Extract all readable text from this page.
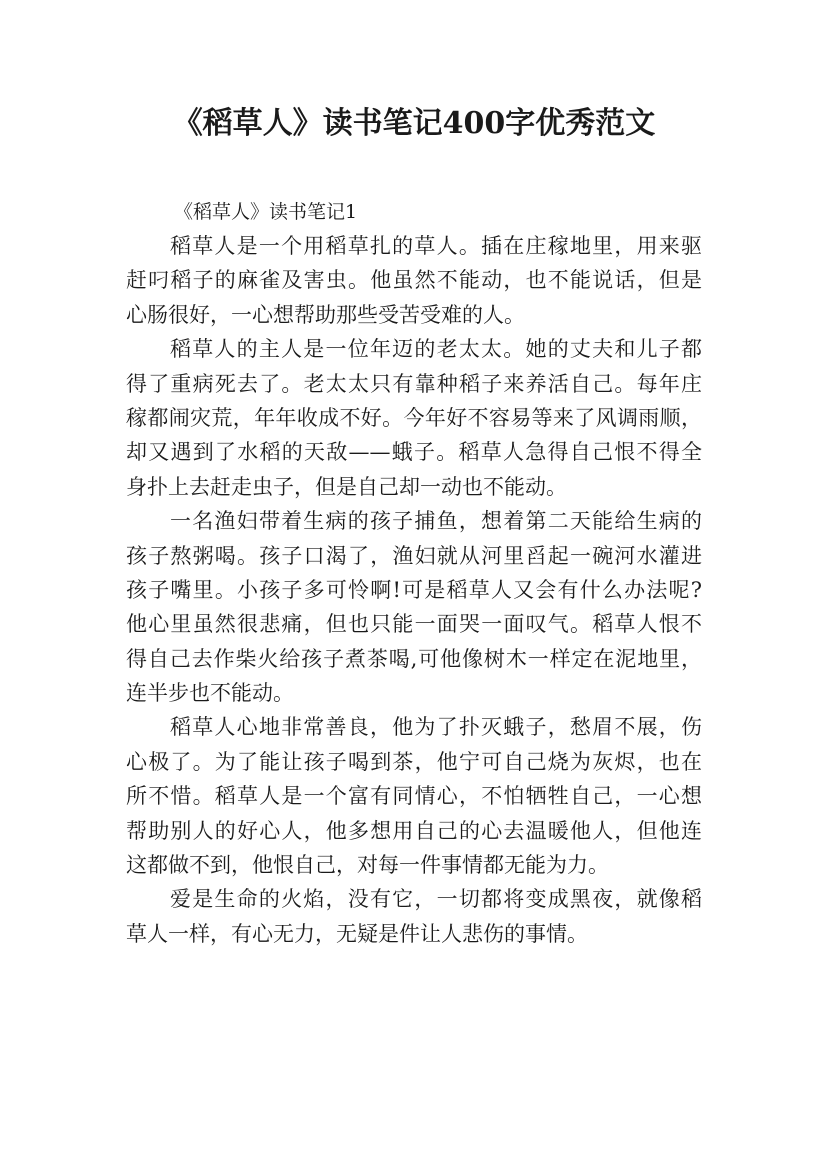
《稻草人》读书笔记400字优秀范文

《稻草人》读书笔记1

稻草人是一个用稻草扎的草人。插在庄稼地里，用来驱
赶叼稻子的麻雀及害虫。他虽然不能动，也不能说话，但是
心肠很好，一心想帮助那些受苦受难的人。

稻草人的主人是一位年迈的老太太。她的丈夫和儿子都
得了重病死去了。老太太只有靠种稻子来养活自己。每年庄
稼都闹灾荒，年年收成不好。今年好不容易等来了风调雨顺，
却又遇到了水稻的天敌——蛾子。稻草人急得自己恨不得全
身扑上去赶走虫子，但是自己却一动也不能动。

一名渔妇带着生病的孩子捕鱼，想着第二天能给生病的
孩子熬粥喝。孩子口渴了，渔妇就从河里舀起一碗河水灌进
孩子嘴里。小孩子多可怜啊!可是稻草人又会有什么办法呢?
他心里虽然很悲痛，但也只能一面哭一面叹气。稻草人恨不
得自己去作柴火给孩子煮茶喝,可他像树木一样定在泥地里，
连半步也不能动。

稻草人心地非常善良，他为了扑灭蛾子，愁眉不展，伤
心极了。为了能让孩子喝到茶，他宁可自己烧为灰烬，也在
所不惜。稻草人是一个富有同情心，不怕牺牲自己，一心想
帮助别人的好心人，他多想用自己的心去温暖他人，但他连
这都做不到，他恨自己，对每一件事情都无能为力。

爱是生命的火焰，没有它，一切都将变成黑夜，就像稻
草人一样，有心无力，无疑是件让人悲伤的事情。
